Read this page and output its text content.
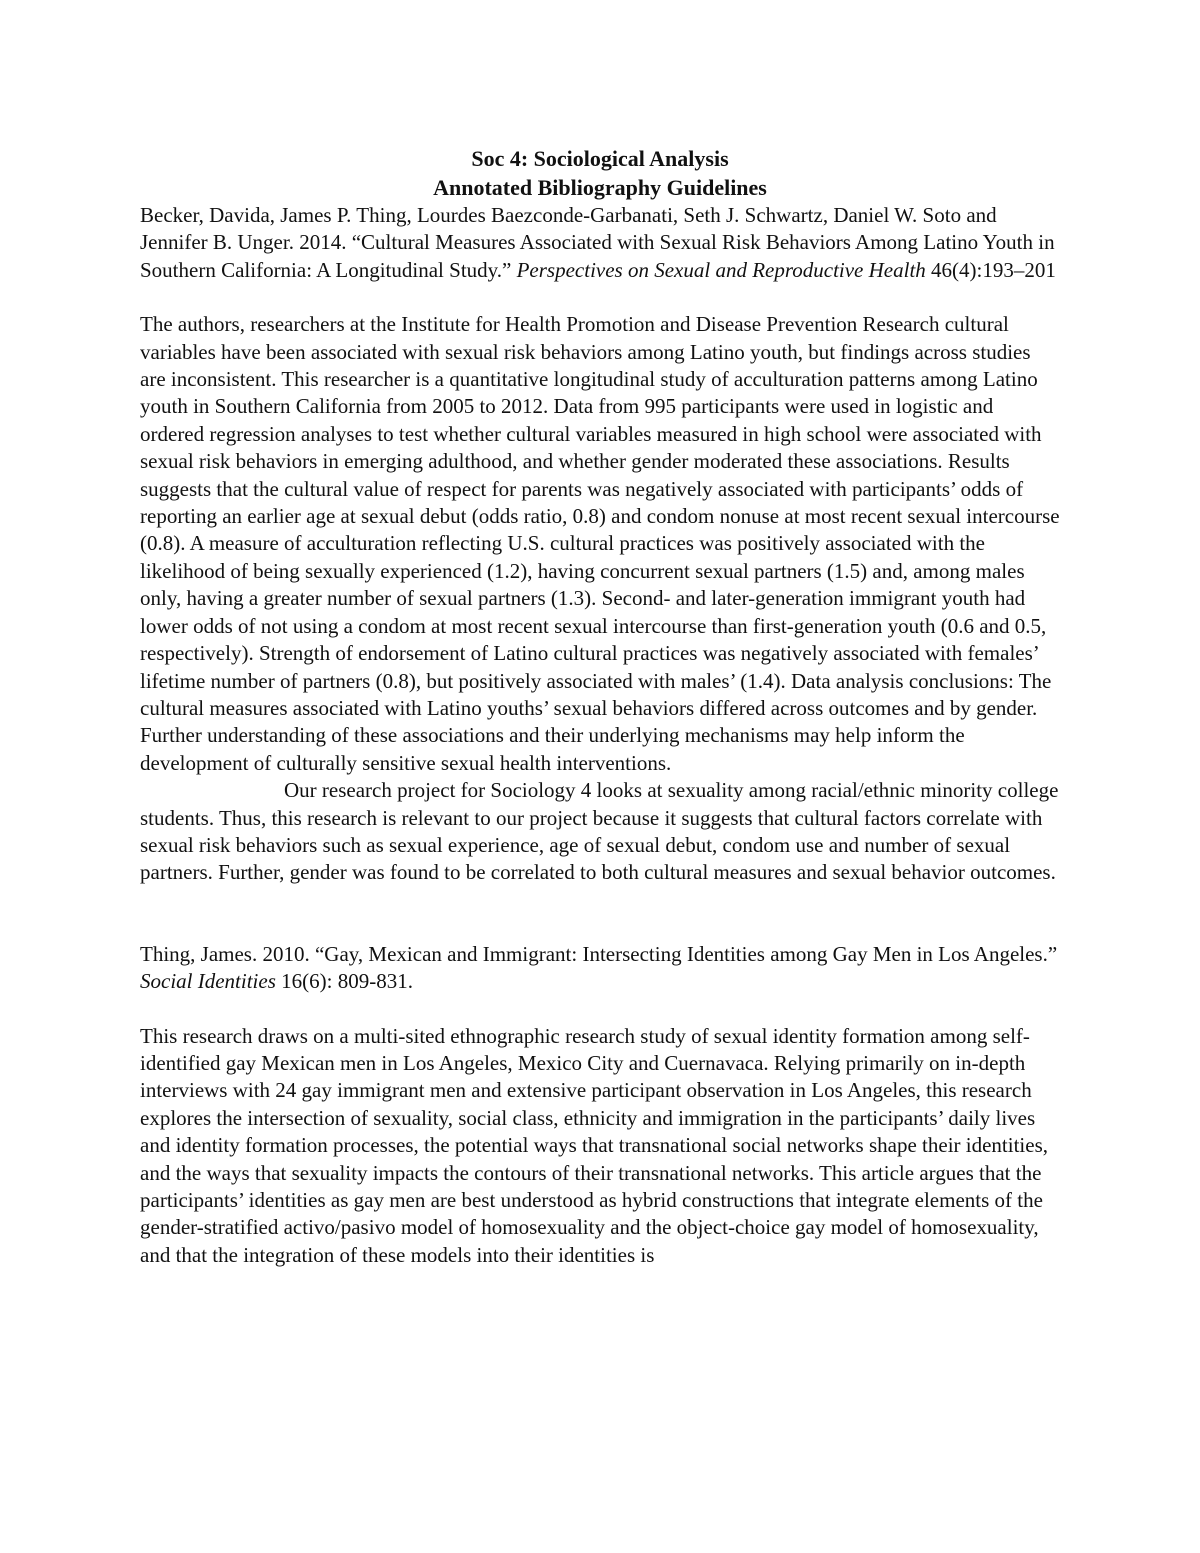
Soc 4: Sociological Analysis
Annotated Bibliography Guidelines

Becker, Davida, James P. Thing, Lourdes Baezconde-Garbanati, Seth J. Schwartz, Daniel W. Soto and Jennifer B. Unger. 2014. “Cultural Measures Associated with Sexual Risk Behaviors Among Latino Youth in Southern California: A Longitudinal Study.” Perspectives on Sexual and Reproductive Health 46(4):193–201

The authors, researchers at the Institute for Health Promotion and Disease Prevention Research cultural variables have been associated with sexual risk behaviors among Latino youth, but findings across studies are inconsistent. This researcher is a quantitative longitudinal study of acculturation patterns among Latino youth in Southern California from 2005 to 2012. Data from 995 participants were used in logistic and ordered regression analyses to test whether cultural variables measured in high school were associated with sexual risk behaviors in emerging adulthood, and whether gender moderated these associations. Results suggests that the cultural value of respect for parents was negatively associated with participants’ odds of reporting an earlier age at sexual debut (odds ratio, 0.8) and condom nonuse at most recent sexual intercourse (0.8). A measure of acculturation reflecting U.S. cultural practices was positively associated with the likelihood of being sexually experienced (1.2), having concurrent sexual partners (1.5) and, among males only, having a greater number of sexual partners (1.3). Second- and later-generation immigrant youth had lower odds of not using a condom at most recent sexual intercourse than first-generation youth (0.6 and 0.5, respectively). Strength of endorsement of Latino cultural practices was negatively associated with females’ lifetime number of partners (0.8), but positively associated with males’ (1.4). Data analysis conclusions: The cultural measures associated with Latino youths’ sexual behaviors differed across outcomes and by gender. Further understanding of these associations and their underlying mechanisms may help inform the development of culturally sensitive sexual health interventions.

Our research project for Sociology 4 looks at sexuality among racial/ethnic minority college students. Thus, this research is relevant to our project because it suggests that cultural factors correlate with sexual risk behaviors such as sexual experience, age of sexual debut, condom use and number of sexual partners. Further, gender was found to be correlated to both cultural measures and sexual behavior outcomes.

Thing, James. 2010. “Gay, Mexican and Immigrant: Intersecting Identities among Gay Men in Los Angeles.” Social Identities 16(6): 809-831.

This research draws on a multi-sited ethnographic research study of sexual identity formation among self-identified gay Mexican men in Los Angeles, Mexico City and Cuernavaca. Relying primarily on in-depth interviews with 24 gay immigrant men and extensive participant observation in Los Angeles, this research explores the intersection of sexuality, social class, ethnicity and immigration in the participants’ daily lives and identity formation processes, the potential ways that transnational social networks shape their identities, and the ways that sexuality impacts the contours of their transnational networks. This article argues that the participants’ identities as gay men are best understood as hybrid constructions that integrate elements of the gender-stratified activo/pasivo model of homosexuality and the object-choice gay model of homosexuality, and that the integration of these models into their identities is
